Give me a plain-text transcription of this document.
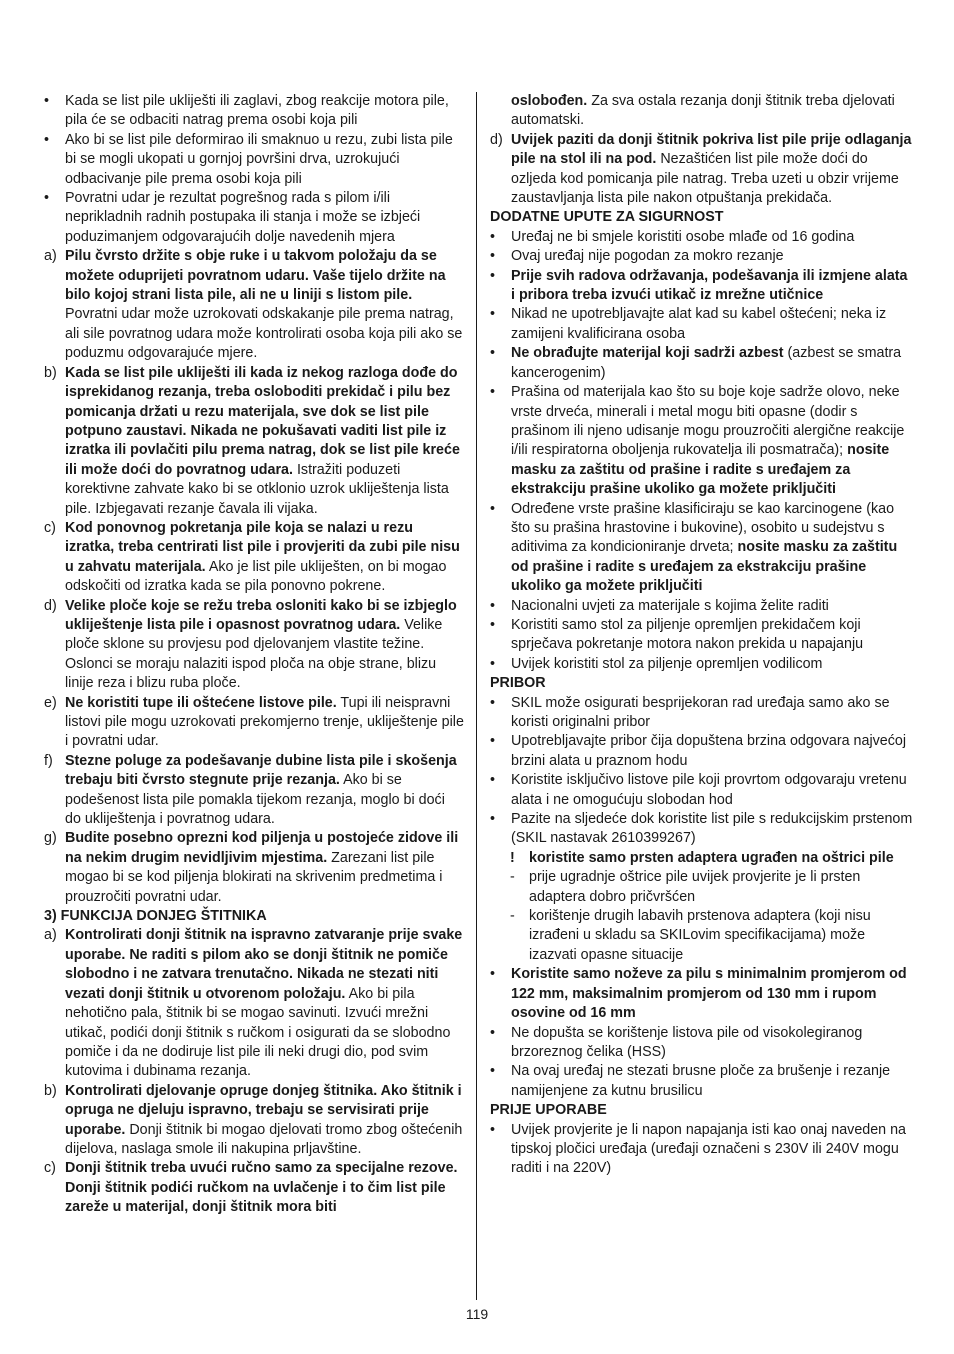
• Kada se list pile ukliješti ili zaglavi, zbog reakcije motora pile, pila će se odbaciti natrag prema osobi koja pili

• Ako bi se list pile deformirao ili smaknuo u rezu, zubi lista pile bi se mogli ukopati u gornjoj površini drva, uzrokujući odbacivanje pile prema osobi koja pili

• Povratni udar je rezultat pogrešnog rada s pilom i/ili neprikladnih radnih postupaka ili stanja i može se izbjeći poduzimanjem odgovarajućih dolje navedenih mjera

a) Pilu čvrsto držite s obje ruke i u takvom položaju da se možete oduprijeti povratnom udaru. Vaše tijelo držite na bilo kojoj strani lista pile, ali ne u liniji s listom pile. Povratni udar može uzrokovati odskakanje pile prema natrag, ali sile povratnog udara može kontrolirati osoba koja pili ako se poduzmu odgovarajuće mjere.

b) Kada se list pile ukliješti ili kada iz nekog razloga dođe do isprekidanog rezanja, treba osloboditi prekidač i pilu bez pomicanja držati u rezu materijala, sve dok se list pile potpuno zaustavi. Nikada ne pokušavati vaditi list pile iz izratka ili povlačiti pilu prema natrag, dok se list pile kreće ili može doći do povratnog udara. Istražiti poduzeti korektivne zahvate kako bi se otklonio uzrok ukliještenja lista pile. Izbjegavati rezanje čavala ili vijaka.

c) Kod ponovnog pokretanja pile koja se nalazi u rezu izratka, treba centrirati list pile i provjeriti da zubi pile nisu u zahvatu materijala. Ako je list pile ukliješten, on bi mogao odskočiti od izratka kada se pila ponovno pokrene.

d) Velike ploče koje se režu treba osloniti kako bi se izbjeglo ukliještenje lista pile i opasnost povratnog udara. Velike ploče sklone su provjesu pod djelovanjem vlastite težine. Oslonci se moraju nalaziti ispod ploča na obje strane, blizu linije reza i blizu ruba ploče.

e) Ne koristiti tupe ili oštećene listove pile. Tupi ili neispravni listovi pile mogu uzrokovati prekomjerno trenje, ukliještenje pile i povratni udar.

f) Stezne poluge za podešavanje dubine lista pile i skošenja trebaju biti čvrsto stegnute prije rezanja. Ako bi se podešenost lista pile pomakla tijekom rezanja, moglo bi doći do ukliještenja i povratnog udara.

g) Budite posebno oprezni kod piljenja u postojeće zidove ili na nekim drugim nevidljivim mjestima. Zarezani list pile mogao bi se kod piljenja blokirati na skrivenim predmetima i prouzročiti povratni udar.

3) FUNKCIJA DONJEG ŠTITNIKA

a) Kontrolirati donji štitnik na ispravno zatvaranje prije svake uporabe. Ne raditi s pilom ako se donji štitnik ne pomiče slobodno i ne zatvara trenutačno. Nikada ne stezati niti vezati donji štitnik u otvorenom položaju. Ako bi pila nehotično pala, štitnik bi se mogao savinuti. Izvući mrežni utikač, podići donji štitnik s ručkom i osigurati da se slobodno pomiče i da ne dodiruje list pile ili neki drugi dio, pod svim kutovima i dubinama rezanja.

b) Kontrolirati djelovanje opruge donjeg štitnika. Ako štitnik i opruga ne djeluju ispravno, trebaju se servisirati prije uporabe. Donji štitnik bi mogao djelovati tromo zbog oštećenih dijelova, naslaga smole ili nakupina prljavštine.

c) Donji štitnik treba uvući ručno samo za specijalne rezove. Donji štitnik podići ručkom na uvlačenje i to čim list pile zareže u materijal, donji štitnik mora biti

oslobođen. Za sva ostala rezanja donji štitnik treba djelovati automatski.

d) Uvijek paziti da donji štitnik pokriva list pile prije odlaganja pile na stol ili na pod. Nezaštićen list pile može doći do ozljeda kod pomicanja pile natrag. Treba uzeti u obzir vrijeme zaustavljanja lista pile nakon otpuštanja prekidača.

DODATNE UPUTE ZA SIGURNOST

• Uređaj ne bi smjele koristiti osobe mlađe od 16 godina

• Ovaj uređaj nije pogodan za mokro rezanje

• Prije svih radova održavanja, podešavanja ili izmjene alata i pribora treba izvući utikač iz mrežne utičnice

• Nikad ne upotrebljavajte alat kad su kabel oštećeni; neka iz zamijeni kvalificirana osoba

• Ne obrađujte materijal koji sadrži azbest (azbest se smatra kancerogenim)

• Prašina od materijala kao što su boje koje sadrže olovo, neke vrste drveća, minerali i metal mogu biti opasne (dodir s prašinom ili njeno udisanje mogu prouzročiti alergične reakcije i/ili respiratorna oboljenja rukovatelja ili posmatrača); nosite masku za zaštitu od prašine i radite s uređajem za ekstrakciju prašine ukoliko ga možete priključiti

• Određene vrste prašine klasificiraju se kao karcinogene (kao što su prašina hrastovine i bukovine), osobito u sudejstvu s aditivima za kondicioniranje drveta; nosite masku za zaštitu od prašine i radite s uređajem za ekstrakciju prašine ukoliko ga možete priključiti

• Nacionalni uvjeti za materijale s kojima želite raditi

• Koristiti samo stol za piljenje opremljen prekidačem koji sprječava pokretanje motora nakon prekida u napajanju

• Uvijek koristiti stol za piljenje opremljen vodilicom

PRIBOR

• SKIL može osigurati besprijekoran rad uređaja samo ako se koristi originalni pribor

• Upotrebljavajte pribor čija dopuštena brzina odgovara najvećoj brzini alata u praznom hodu

• Koristite isključivo listove pile koji provrtom odgovaraju vretenu alata i ne omogućuju slobodan hod

• Pazite na sljedeće dok koristite list pile s redukcijskim prstenom (SKIL nastavak 2610399267)

! koristite samo prsten adaptera ugrađen na oštrici pile

- prije ugradnje oštrice pile uvijek provjerite je li prsten adaptera dobro pričvršćen

- korištenje drugih labavih prstenova adaptera (koji nisu izrađeni u skladu sa SKILovim specifikacijama) može izazvati opasne situacije

• Koristite samo noževe za pilu s minimalnim promjerom od 122 mm, maksimalnim promjerom od 130 mm i rupom osovine od 16 mm

• Ne dopušta se korištenje listova pile od visokolegiranog brzoreznog čelika (HSS)

• Na ovaj uređaj ne stezati brusne ploče za brušenje i rezanje namijenjene za kutnu brusilicu

PRIJE UPORABE

• Uvijek provjerite je li napon napajanja isti kao onaj naveden na tipskoj pločici uređaja (uređaji označeni s 230V ili 240V mogu raditi i na 220V)

119
